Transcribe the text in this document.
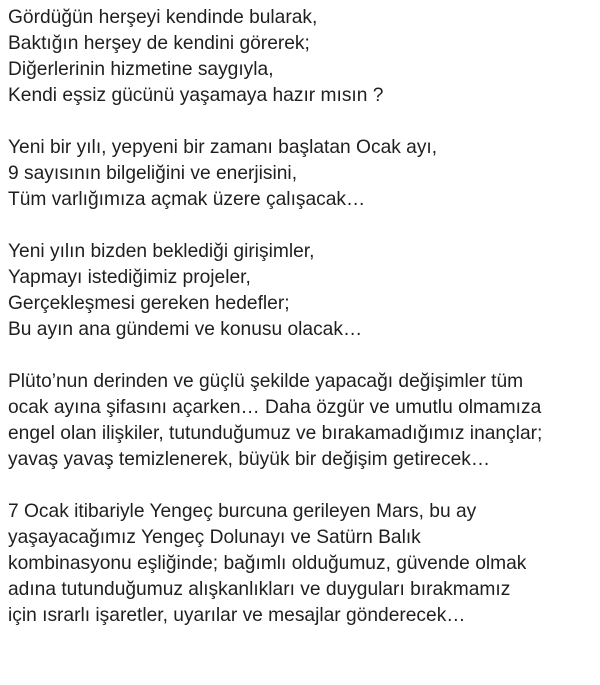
Gördüğün herşeyi kendinde bularak,
Baktığın herşey de kendini görerek;
Diğerlerinin hizmetine saygıyla,
Kendi eşsiz gücünü yaşamaya hazır mısın ?
Yeni bir yılı, yepyeni bir zamanı başlatan Ocak ayı,
9 sayısının bilgeliğini ve enerjisini,
Tüm varlığımıza açmak üzere çalışacak…
Yeni yılın bizden beklediği girişimler,
Yapmayı istediğimiz projeler,
Gerçekleşmesi gereken hedefler;
Bu ayın ana gündemi ve konusu olacak…
Plüto’nun derinden ve güçlü şekilde yapacağı değişimler tüm
ocak ayına şifasını açarken… Daha özgür ve umutlu olmamıza
engel olan ilişkiler, tutunduğumuz ve bırakamadığımız inançlar;
yavaş yavaş temizlenerek, büyük bir değişim getirecek…
7 Ocak itibariyle Yengeç burcuna gerileyen Mars, bu ay
yaşayacağımız Yengeç Dolunayı ve Satürn Balık
kombinasyonu eşliğinde; bağımlı olduğumuz, güvende olmak
adına tutunduğumuz alışkanlıkları ve duyguları bırakmamız
için ısrarlı işaretler, uyarılar ve mesajlar gönderecek…
